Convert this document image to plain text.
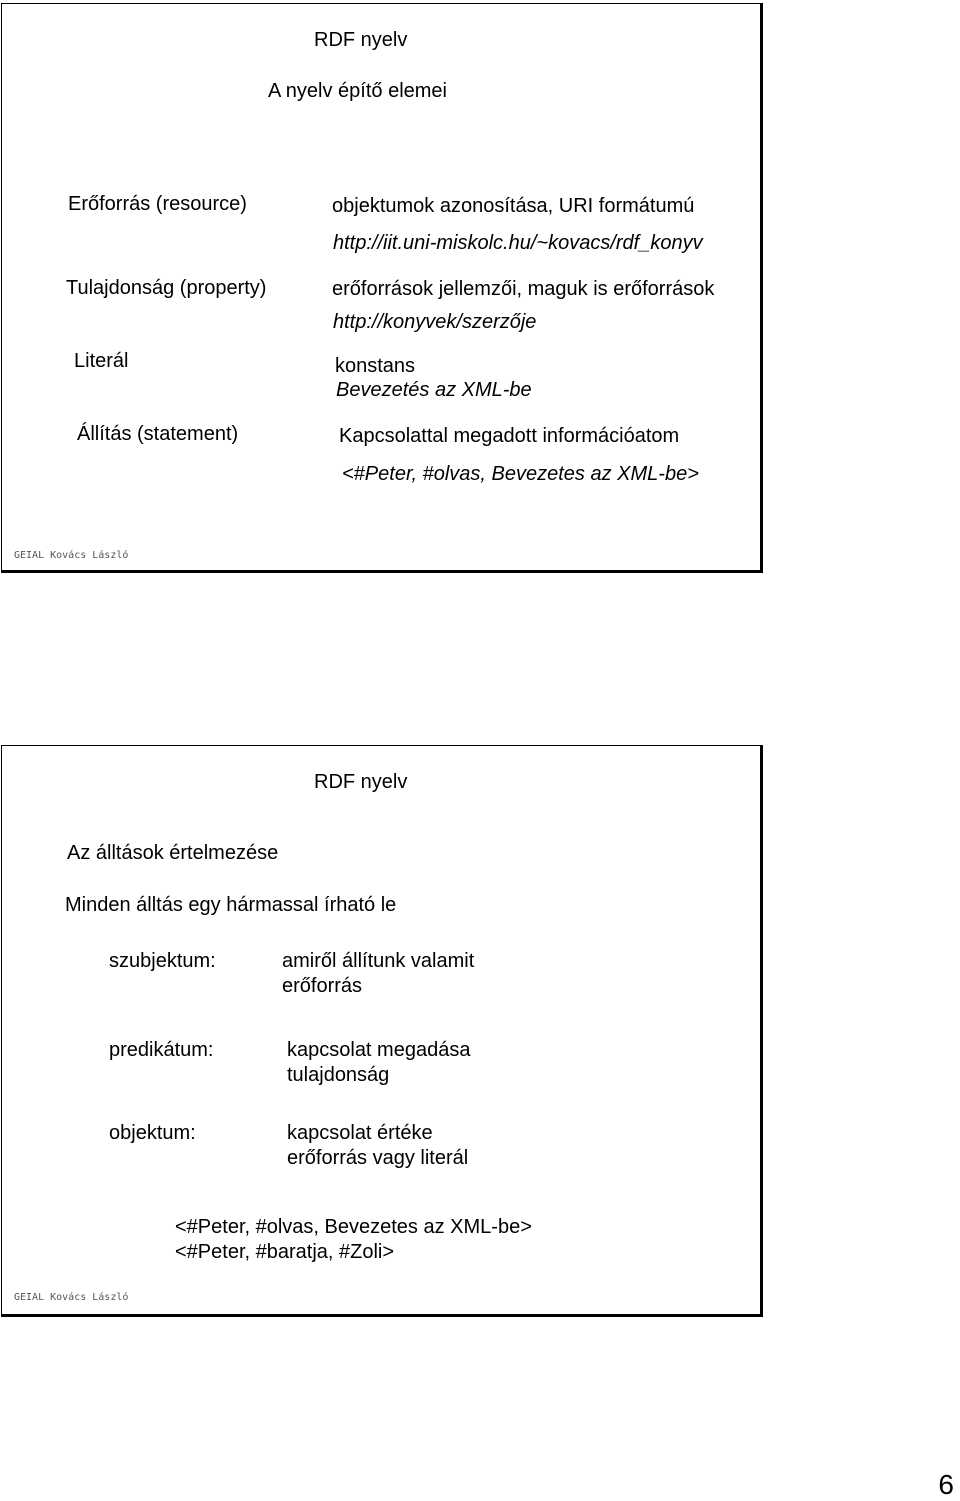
RDF nyelv
A nyelv építő elemei
Erőforrás (resource)	objektumok azonosítása, URI formátumú
http://iit.uni-miskolc.hu/~kovacs/rdf_konyv
Tulajdonság (property)	erőforrások jellemzői, maguk is erőforrások
http://konyvek/szerzője
Literál	konstans
Bevezetés az XML-be
Állítás (statement)	Kapcsolattal megadott információatom
<#Peter, #olvas, Bevezetes az XML-be>
GEIAL Kovács László
RDF nyelv
Az álltások értelmezése
Minden álltás egy hármassal írható le
szubjektum:	amiről állítunk valamit
erőforrás
predikátum:	kapcsolat megadása
tulajdonság
objektum:	kapcsolat értéke
erőforrás vagy literál
<#Peter, #olvas, Bevezetes az XML-be>
<#Peter, #baratja, #Zoli>
GEIAL Kovács László
6
